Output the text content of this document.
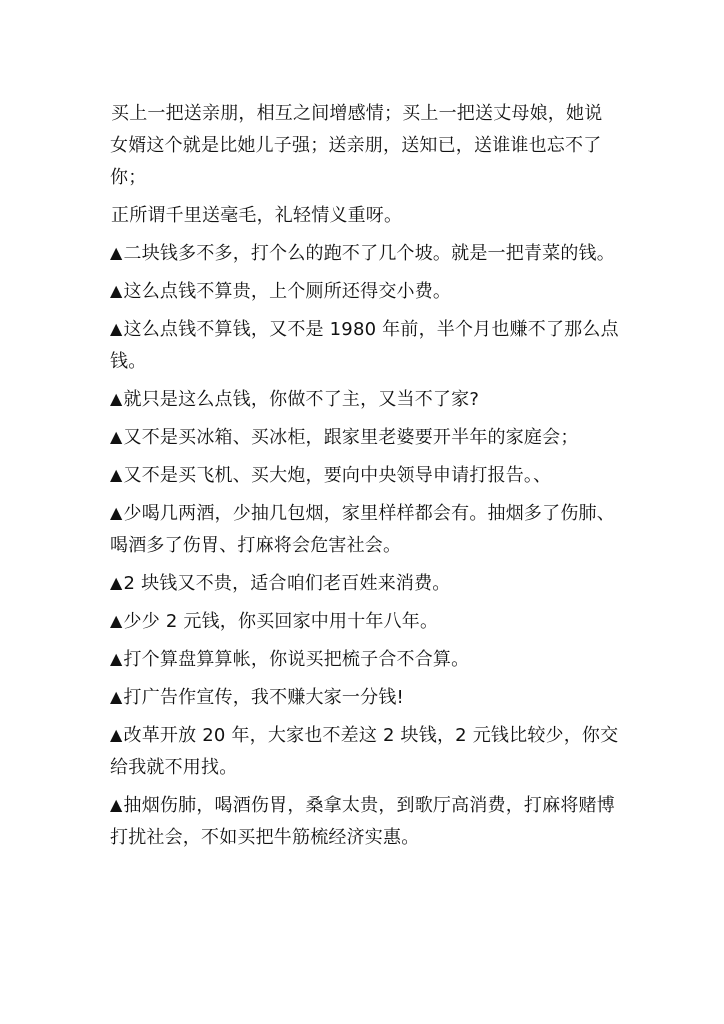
买上一把送亲朋，相互之间增感情；买上一把送丈母娘，她说女婿这个就是比她儿子强；送亲朋，送知已，送谁谁也忘不了你；

正所谓千里送毫毛，礼轻情义重呀。

▲二块钱多不多，打个么的跑不了几个坡。就是一把青菜的钱。

▲这么点钱不算贵，上个厕所还得交小费。

▲这么点钱不算钱，又不是 1980 年前，半个月也赚不了那么点钱。

▲就只是这么点钱，你做不了主，又当不了家?

▲又不是买冰箱、买冰柜，跟家里老婆要开半年的家庭会；

▲又不是买飞机、买大炮，要向中央领导申请打报告。、

▲少喝几两酒，少抽几包烟，家里样样都会有。抽烟多了伤肺、喝酒多了伤胃、打麻将会危害社会。

▲2 块钱又不贵，适合咱们老百姓来消费。

▲少少 2 元钱，你买回家中用十年八年。

▲打个算盘算算帐，你说买把梳子合不合算。

▲打广告作宣传，我不赚大家一分钱!

▲改革开放 20 年，大家也不差这 2 块钱，2 元钱比较少，你交给我就不用找。

▲抽烟伤肺，喝酒伤胃，桑拿太贵，到歌厅高消费，打麻将赌博打扰社会，不如买把牛筋梳经济实惠。
